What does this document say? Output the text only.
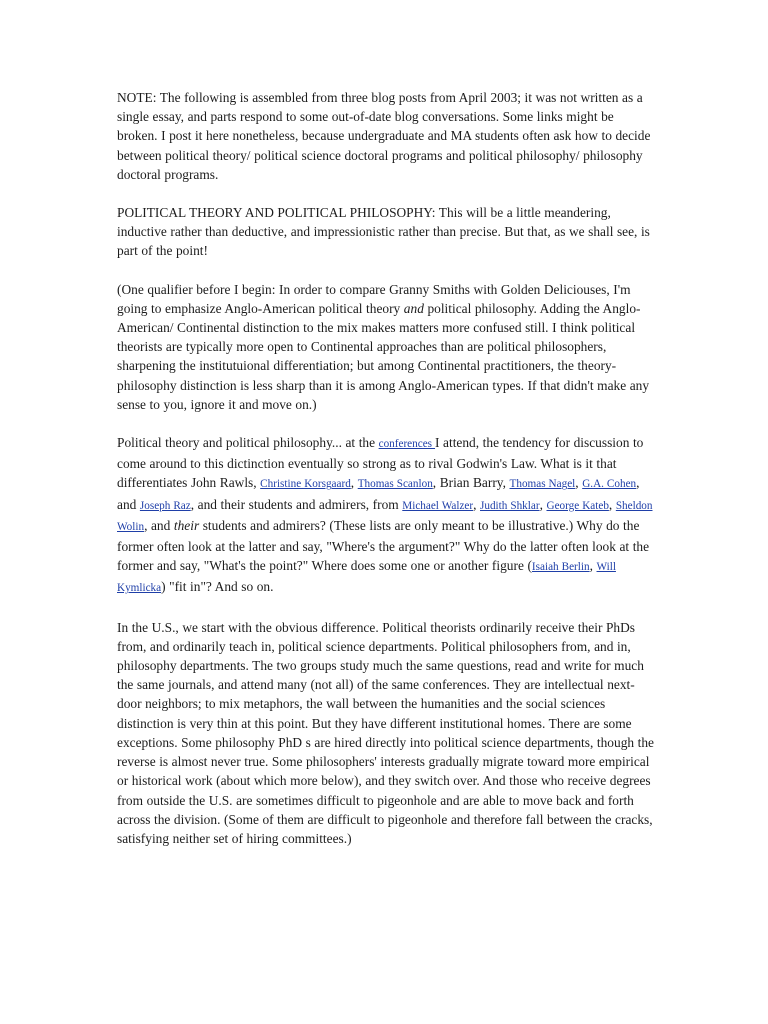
NOTE: The following is assembled from three blog posts from April 2003; it was not written as a single essay, and parts respond to some out-of-date blog conversations. Some links might be broken. I post it here nonetheless, because undergraduate and MA students often ask how to decide between political theory/ political science doctoral programs and political philosophy/ philosophy doctoral programs.

POLITICAL THEORY AND POLITICAL PHILOSOPHY: This will be a little meandering, inductive rather than deductive, and impressionistic rather than precise. But that, as we shall see, is part of the point!

(One qualifier before I begin: In order to compare Granny Smiths with Golden Deliciouses, I'm going to emphasize Anglo-American political theory and political philosophy. Adding the Anglo-American/ Continental distinction to the mix makes matters more confused still. I think political theorists are typically more open to Continental approaches than are political philosophers, sharpening the institutuional differentiation; but among Continental practitioners, the theory-philosophy distinction is less sharp than it is among Anglo-American types. If that didn't make any sense to you, ignore it and move on.)

Political theory and political philosophy... at the conferences I attend, the tendency for discussion to come around to this dictinction eventually so strong as to rival Godwin's Law. What is it that differentiates John Rawls, Christine Korsgaard, Thomas Scanlon, Brian Barry, Thomas Nagel, G.A. Cohen, and Joseph Raz, and their students and admirers, from Michael Walzer, Judith Shklar, George Kateb, Sheldon Wolin, and their students and admirers? (These lists are only meant to be illustrative.) Why do the former often look at the latter and say, "Where's the argument?" Why do the latter often look at the former and say, "What's the point?" Where does some one or another figure (Isaiah Berlin, Will Kymlicka) "fit in"? And so on.

In the U.S., we start with the obvious difference. Political theorists ordinarily receive their PhDs from, and ordinarily teach in, political science departments. Political philosophers from, and in, philosophy departments. The two groups study much the same questions, read and write for much the same journals, and attend many (not all) of the same conferences. They are intellectual next-door neighbors; to mix metaphors, the wall between the humanities and the social sciences distinction is very thin at this point. But they have different institutional homes. There are some exceptions. Some philosophy PhD s are hired directly into political science departments, though the reverse is almost never true. Some philosophers' interests gradually migrate toward more empirical or historical work (about which more below), and they switch over. And those who receive degrees from outside the U.S. are sometimes difficult to pigeonhole and are able to move back and forth across the division. (Some of them are difficult to pigeonhole and therefore fall between the cracks, satisfying neither set of hiring committees.)
